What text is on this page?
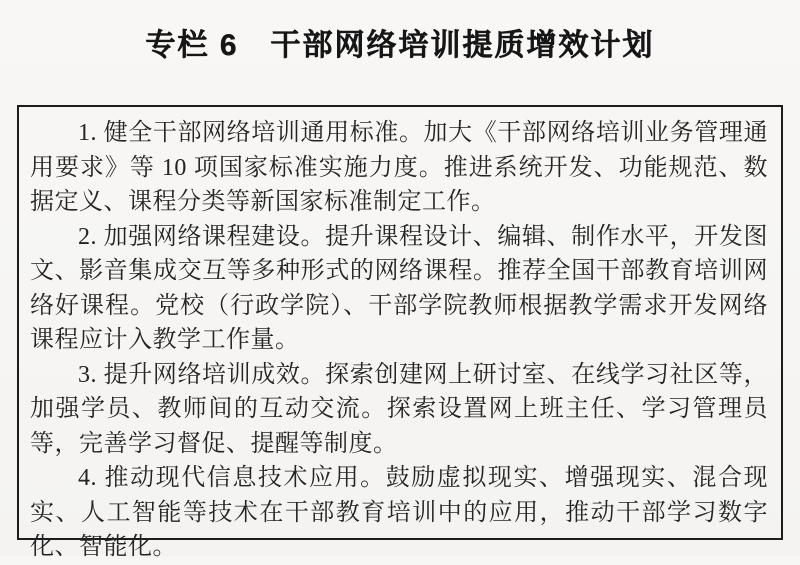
专栏 6　干部网络培训提质增效计划

1. 健全干部网络培训通用标准。加大《干部网络培训业务管理通用要求》等 10 项国家标准实施力度。推进系统开发、功能规范、数据定义、课程分类等新国家标准制定工作。

2. 加强网络课程建设。提升课程设计、编辑、制作水平，开发图文、影音集成交互等多种形式的网络课程。推荐全国干部教育培训网络好课程。党校（行政学院）、干部学院教师根据教学需求开发网络课程应计入教学工作量。

3. 提升网络培训成效。探索创建网上研讨室、在线学习社区等，加强学员、教师间的互动交流。探索设置网上班主任、学习管理员等，完善学习督促、提醒等制度。

4. 推动现代信息技术应用。鼓励虚拟现实、增强现实、混合现实、人工智能等技术在干部教育培训中的应用，推动干部学习数字化、智能化。
